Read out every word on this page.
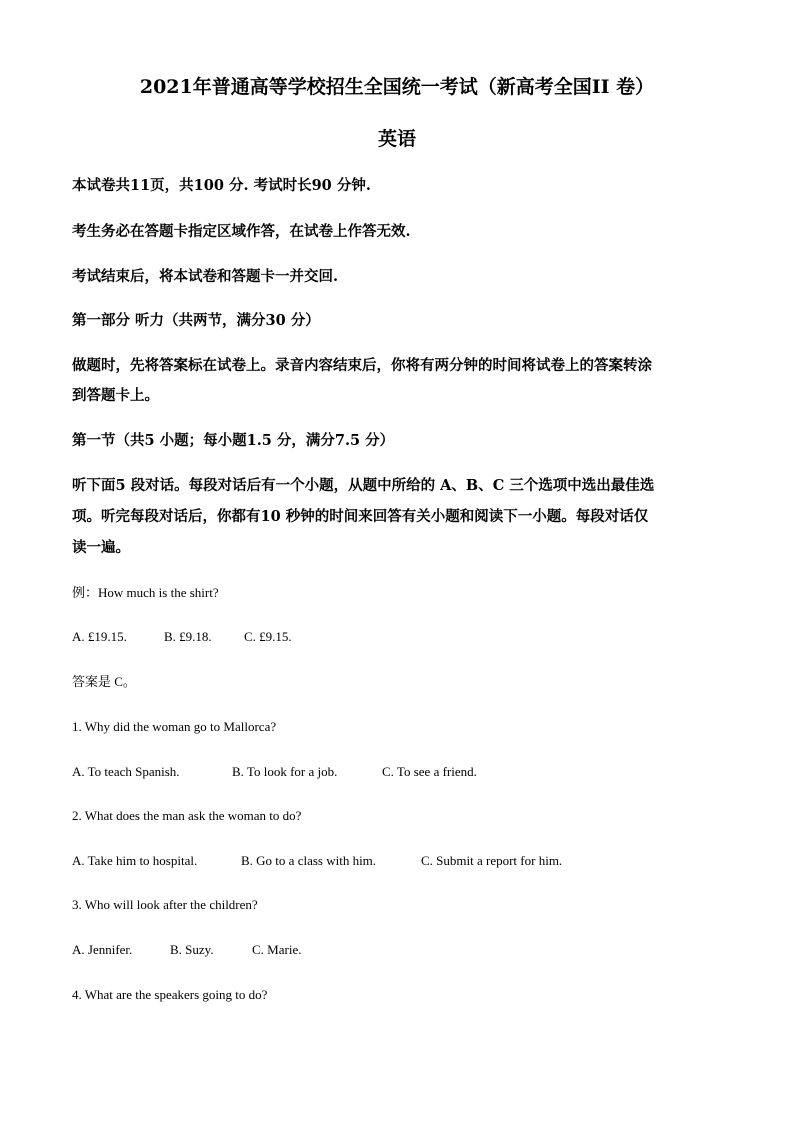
2021年普通高等学校招生全国统一考试（新高考全国II 卷）
英语
本试卷共11页，共100 分. 考试时长90 分钟.
考生务必在答题卡指定区域作答，在试卷上作答无效.
考试结束后，将本试卷和答题卡一并交回.
第一部分 听力（共两节，满分30 分）
做题时，先将答案标在试卷上。录音内容结束后，你将有两分钟的时间将试卷上的答案转涂
到答题卡上。
第一节（共5 小题；每小题1.5 分，满分7.5 分）
听下面5 段对话。每段对话后有一个小题，从题中所给的 A、B、C 三个选项中选出最佳选
项。听完每段对话后，你都有10 秒钟的时间来回答有关小题和阅读下一小题。每段对话仅
读一遍。
例：How much is the shirt?
A. £19.15.	B. £9.18. C. £9.15.
答案是 C。
1. Why did the woman go to Mallorca?
A. To teach Spanish.	B. To look for a job.	C. To see a friend.
2. What does the man ask the woman to do?
A. Take him to hospital.	B. Go to a class with him.	C. Submit a report for him.
3. Who will look after the children?
A. Jennifer.	B. Suzy.	C. Marie.
4. What are the speakers going to do?
